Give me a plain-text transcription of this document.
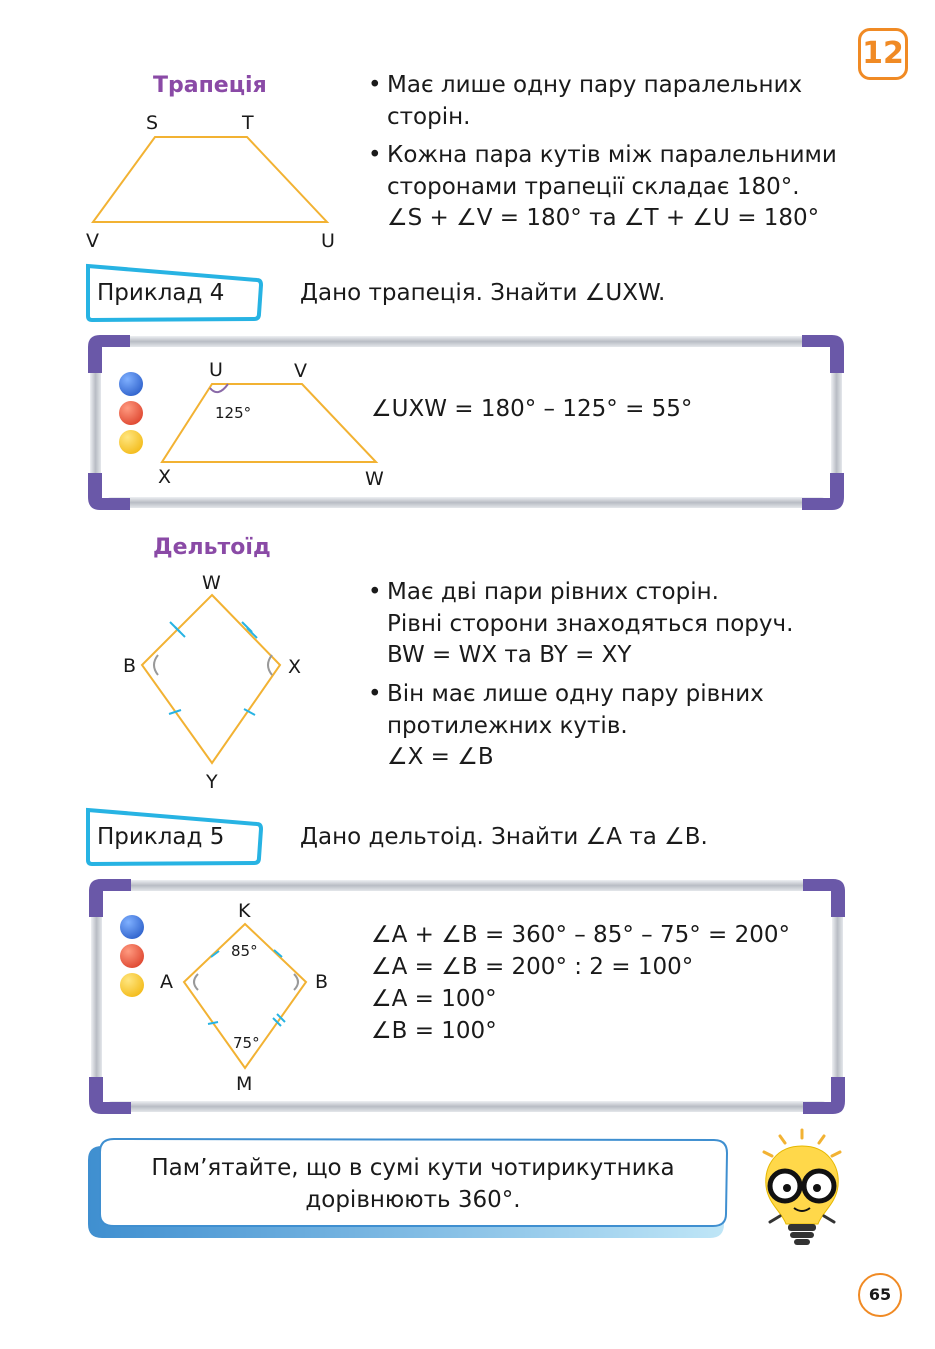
12
Трапеція
S	T
V	U
• Має лише одну пару паралельних
сторін.
• Кожна пара кутів між паралельними
сторонами трапеції складає 180°.
∠S + ∠V = 180° та ∠T + ∠U = 180°
Приклад 4	Дано трапеція. Знайти ∠UXW.
U	V
X	W
125°	∠UXW = 180° – 125° = 55°
Дельтоїд
W
B	X
Y
• Має дві пари рівних сторін.
Рівні сторони знаходяться поруч.
BW = WX та BY = XY
• Він має лише одну пару рівних
протилежних кутів.
∠X = ∠B
Приклад 5	Дано дельтоід. Знайти ∠A та ∠B.
K
A	B
M
85°
75°
∠A + ∠B = 360° – 85° – 75° = 200°
∠A = ∠B = 200° : 2 = 100°
∠A = 100°
∠B = 100°
Пам’ятайте, що в сумі кути чотирикутника
дорівнюють 360°.
65
